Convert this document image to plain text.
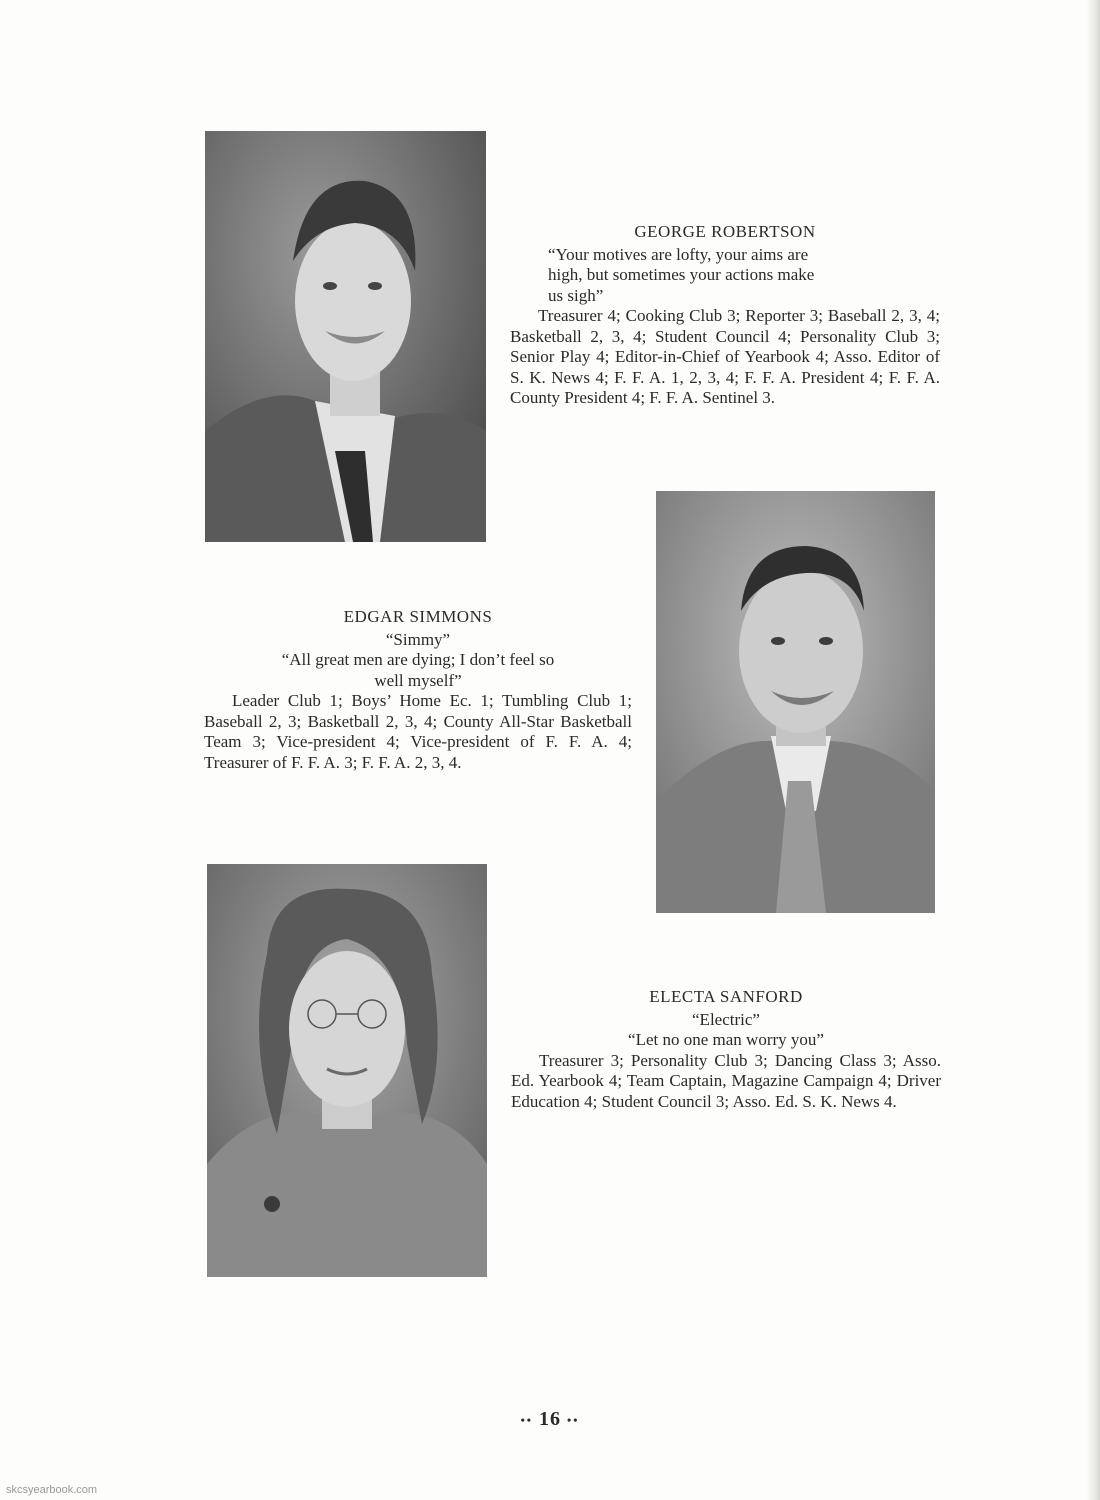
GEORGE ROBERTSON
“Your motives are lofty, your aims are
high, but sometimes your actions make
us sigh”
Treasurer 4; Cooking Club 3; Reporter 3; Baseball 2, 3, 4; Basketball 2, 3, 4; Student Council 4; Personality Club 3; Senior Play 4; Editor-in-Chief of Yearbook 4; Asso. Editor of S. K. News 4; F. F. A. 1, 2, 3, 4; F. F. A. President 4; F. F. A. County President 4; F. F. A. Sentinel 3.
EDGAR SIMMONS
“Simmy”
“All great men are dying; I don’t feel so
well myself”
Leader Club 1; Boys’ Home Ec. 1; Tumbling Club 1; Baseball 2, 3; Basketball 2, 3, 4; County All-Star Basketball Team 3; Vice-president 4; Vice-president of F. F. A. 4; Treasurer of F. F. A. 3; F. F. A. 2, 3, 4.
ELECTA SANFORD
“Electric”
“Let no one man worry you”
Treasurer 3; Personality Club 3; Dancing Class 3; Asso. Ed. Yearbook 4; Team Captain, Magazine Campaign 4; Driver Education 4; Student Council 3; Asso. Ed. S. K. News 4.
•• 16 ••
skcsyearbook.com
